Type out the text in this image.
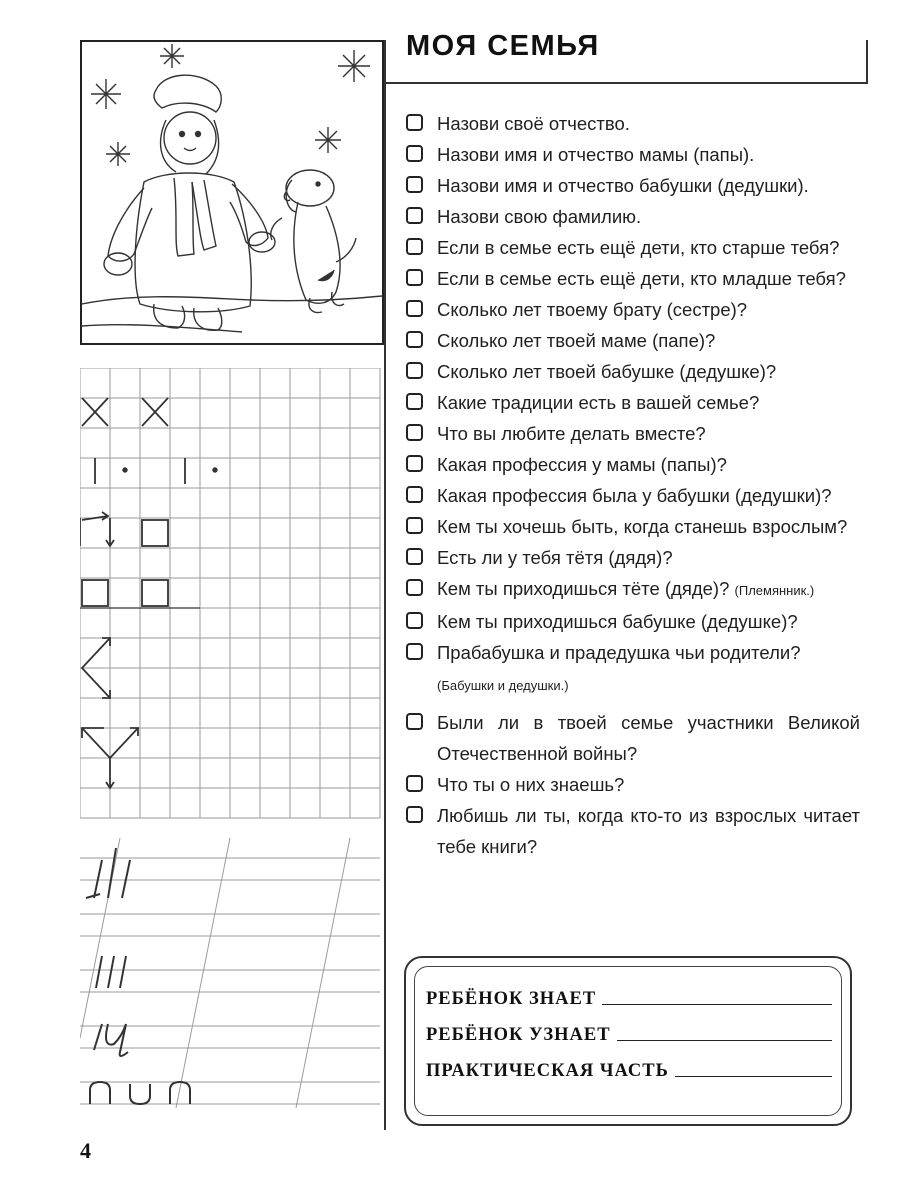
МОЯ СЕМЬЯ
Назови своё отчество.
Назови имя и отчество мамы (папы).
Назови имя и отчество бабушки (дедушки).
Назови свою фамилию.
Если в семье есть ещё дети, кто старше тебя?
Если в семье есть ещё дети, кто младше тебя?
Сколько лет твоему брату (сестре)?
Сколько лет твоей маме (папе)?
Сколько лет твоей бабушке (дедушке)?
Какие традиции есть в вашей семье?
Что вы любите делать вместе?
Какая профессия у мамы (папы)?
Какая профессия была у бабушки (дедушки)?
Кем ты хочешь быть, когда станешь взрослым?
Есть ли у тебя тётя (дядя)?
Кем ты приходишься тёте (дяде)? (Племянник.)
Кем ты приходишься бабушке (дедушке)?
Прабабушка и прадедушка чьи родители?
(Бабушки и дедушки.)
Были ли в твоей семье участники Великой Отечественной войны?
Что ты о них знаешь?
Любишь ли ты, когда кто-то из взрослых читает тебе книги?
РЕБЁНОК ЗНАЕТ
РЕБЁНОК УЗНАЕТ
ПРАКТИЧЕСКАЯ ЧАСТЬ
4
